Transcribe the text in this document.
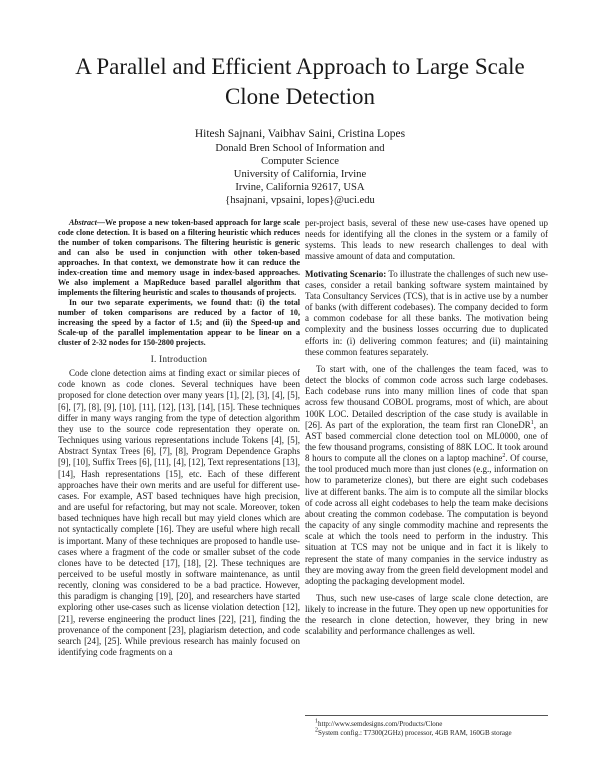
A Parallel and Efficient Approach to Large Scale
Clone Detection
Hitesh Sajnani, Vaibhav Saini, Cristina Lopes
Donald Bren School of Information and
Computer Science
University of California, Irvine
Irvine, California 92617, USA
{hsajnani, vpsaini, lopes}@uci.edu

Abstract—We propose a new token-based approach for large scale code clone detection. It is based on a filtering heuristic which reduces the number of token comparisons. The filtering heuristic is generic and can also be used in conjunction with other token-based approaches. In that context, we demonstrate how it can reduce the index-creation time and memory usage in index-based approaches. We also implement a MapReduce based parallel algorithm that implements the filtering heuristic and scales to thousands of projects.

In our two separate experiments, we found that: (i) the total number of token comparisons are reduced by a factor of 10, increasing the speed by a factor of 1.5; and (ii) the Speed-up and Scale-up of the parallel implementation appear to be linear on a cluster of 2-32 nodes for 150-2800 projects.

I. Introduction

Code clone detection aims at finding exact or similar pieces of code known as code clones. Several techniques have been proposed for clone detection over many years [1], [2], [3], [4], [5], [6], [7], [8], [9], [10], [11], [12], [13], [14], [15]. These techniques differ in many ways ranging from the type of detection algorithm they use to the source code representation they operate on. Techniques using various representations include Tokens [4], [5], Abstract Syntax Trees [6], [7], [8], Program Dependence Graphs [9], [10], Suffix Trees [6], [11], [4], [12], Text representations [13], [14], Hash representations [15], etc. Each of these different approaches have their own merits and are useful for different use-cases. For example, AST based techniques have high precision, and are useful for refactoring, but may not scale. Moreover, token based techniques have high recall but may yield clones which are not syntactically complete [16]. They are useful where high recall is important. Many of these techniques are proposed to handle use-cases where a fragment of the code or smaller subset of the code clones have to be detected [17], [18], [2]. These techniques are perceived to be useful mostly in software maintenance, as until recently, cloning was considered to be a bad practice. However, this paradigm is changing [19], [20], and researchers have started exploring other use-cases such as license violation detection [12], [21], reverse engineering the product lines [22], [21], finding the provenance of the component [23], plagiarism detection, and code search [24], [25]. While previous research has mainly focused on identifying code fragments on a

per-project basis, several of these new use-cases have opened up needs for identifying all the clones in the system or a family of systems. This leads to new research challenges to deal with massive amount of data and computation.

Motivating Scenario: To illustrate the challenges of such new use-cases, consider a retail banking software system maintained by Tata Consultancy Services (TCS), that is in active use by a number of banks (with different codebases). The company decided to form a common codebase for all these banks. The motivation being complexity and the business losses occurring due to duplicated efforts in: (i) delivering common features; and (ii) maintaining these common features separately.

To start with, one of the challenges the team faced, was to detect the blocks of common code across such large codebases. Each codebase runs into many million lines of code that span across few thousand COBOL programs, most of which, are about 100K LOC. Detailed description of the case study is available in [26]. As part of the exploration, the team first ran CloneDR$^1$, an AST based commercial clone detection tool on ML0000, one of the few thousand programs, consisting of 88K LOC. It took around 8 hours to compute all the clones on a laptop machine$^2$. Of course, the tool produced much more than just clones (e.g., information on how to parameterize clones), but there are eight such codebases live at different banks. The aim is to compute all the similar blocks of code across all eight codebases to help the team make decisions about creating the common codebase. The computation is beyond the capacity of any single commodity machine and represents the scale at which the tools need to perform in the industry. This situation at TCS may not be unique and in fact it is likely to represent the state of many companies in the service industry as they are moving away from the green field development model and adopting the packaging development model.

Thus, such new use-cases of large scale clone detection, are likely to increase in the future. They open up new opportunities for the research in clone detection, however, they bring in new scalability and performance challenges as well.

$^1$http://www.semdesigns.com/Products/Clone
$^2$System config.: T7300(2GHz) processor, 4GB RAM, 160GB storage
